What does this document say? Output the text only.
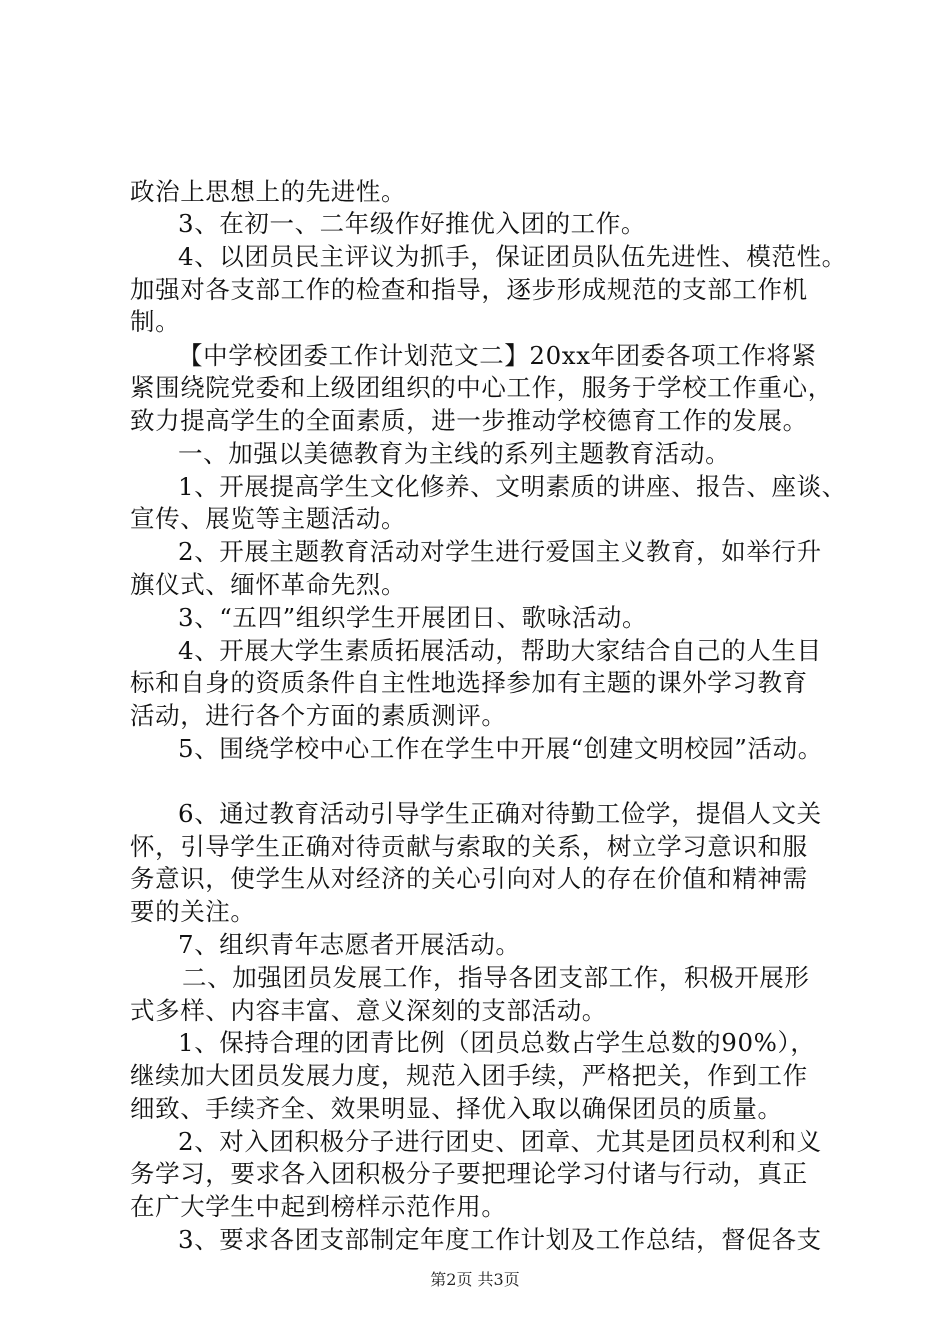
政治上思想上的先进性。
3、在初一、二年级作好推优入团的工作。
4、以团员民主评议为抓手，保证团员队伍先进性、模范性。
加强对各支部工作的检查和指导，逐步形成规范的支部工作机
制。
【中学校团委工作计划范文二】20xx年团委各项工作将紧
紧围绕院党委和上级团组织的中心工作，服务于学校工作重心，
致力提高学生的全面素质，进一步推动学校德育工作的发展。
一、加强以美德教育为主线的系列主题教育活动。
1、开展提高学生文化修养、文明素质的讲座、报告、座谈、
宣传、展览等主题活动。
2、开展主题教育活动对学生进行爱国主义教育，如举行升
旗仪式、缅怀革命先烈。
3、“五四”组织学生开展团日、歌咏活动。
4、开展大学生素质拓展活动，帮助大家结合自己的人生目
标和自身的资质条件自主性地选择参加有主题的课外学习教育
活动，进行各个方面的素质测评。
5、围绕学校中心工作在学生中开展“创建文明校园”活动。
6、通过教育活动引导学生正确对待勤工俭学，提倡人文关
怀，引导学生正确对待贡献与索取的关系，树立学习意识和服
务意识，使学生从对经济的关心引向对人的存在价值和精神需
要的关注。
7、组织青年志愿者开展活动。
二、加强团员发展工作，指导各团支部工作，积极开展形
式多样、内容丰富、意义深刻的支部活动。
1、保持合理的团青比例（团员总数占学生总数的90%），
继续加大团员发展力度，规范入团手续，严格把关，作到工作
细致、手续齐全、效果明显、择优入取以确保团员的质量。
2、对入团积极分子进行团史、团章、尤其是团员权利和义
务学习，要求各入团积极分子要把理论学习付诸与行动，真正
在广大学生中起到榜样示范作用。
3、要求各团支部制定年度工作计划及工作总结，督促各支
第2页 共3页
